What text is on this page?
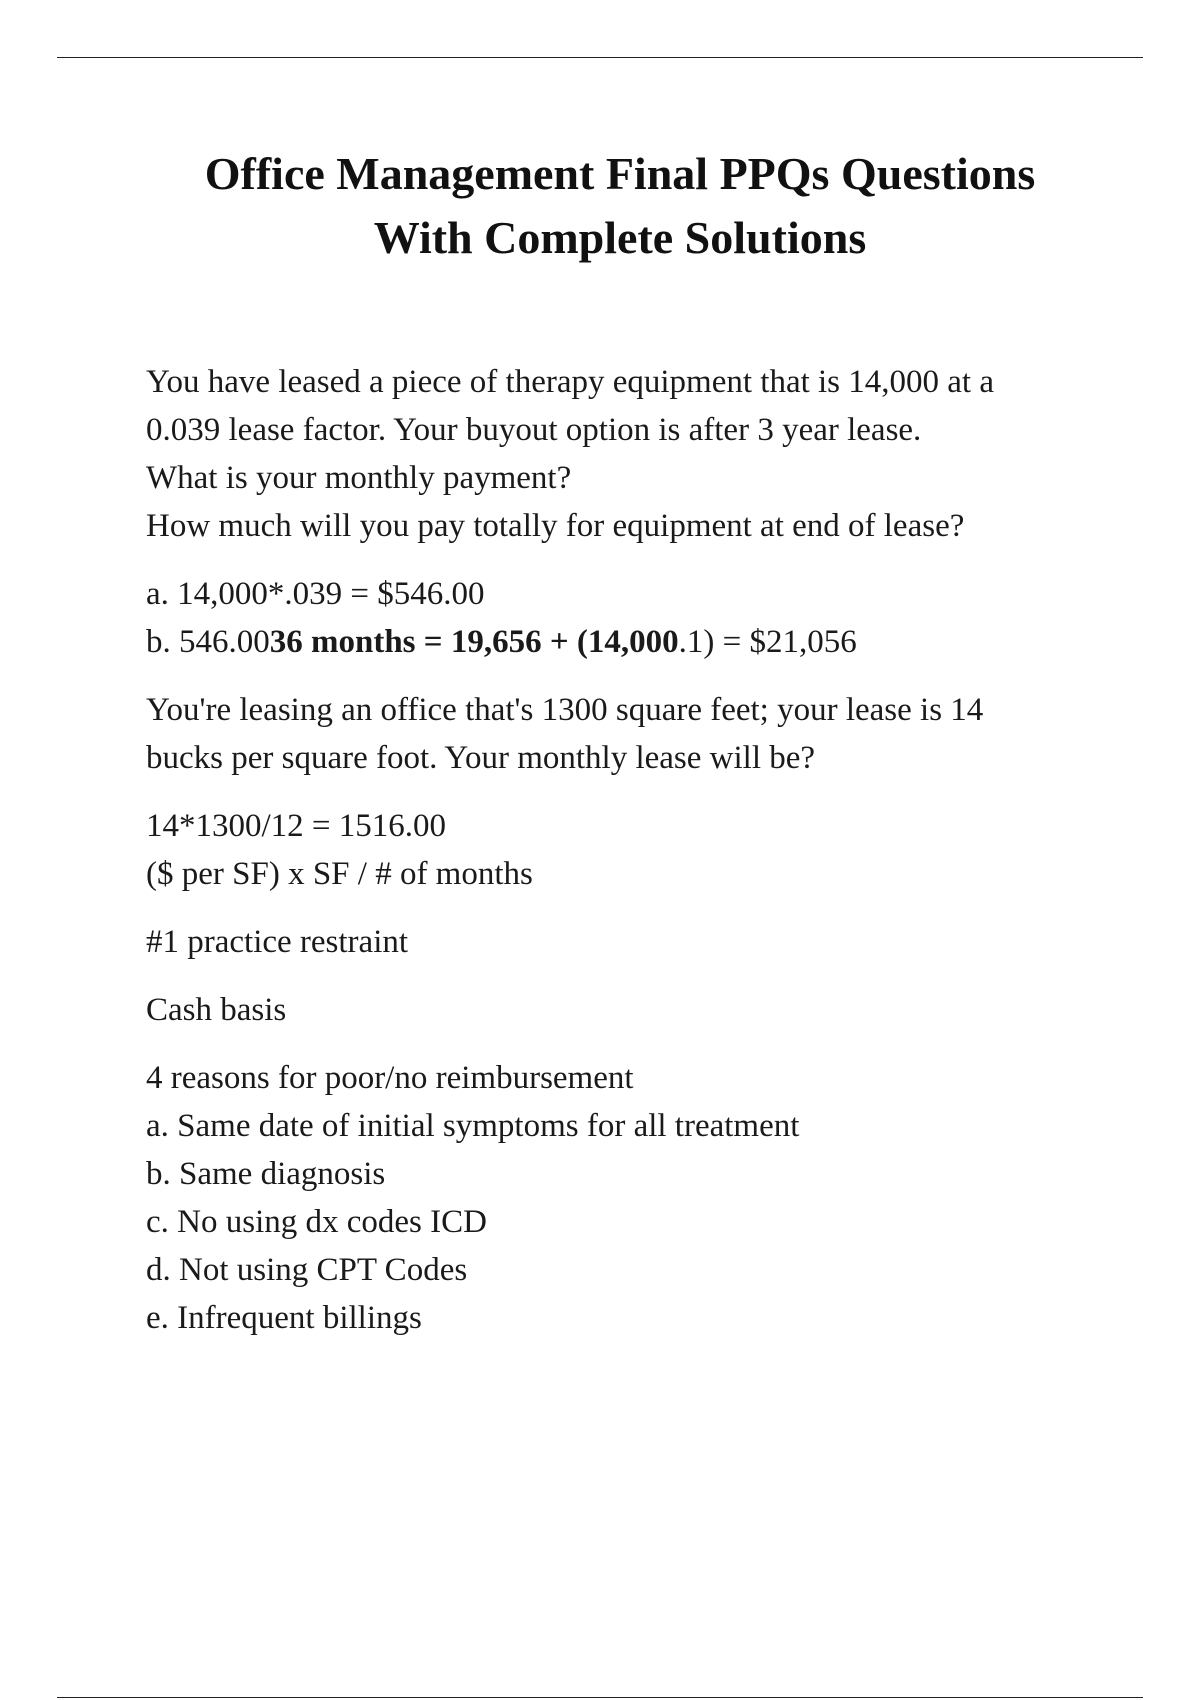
Office Management Final PPQs Questions
With Complete Solutions
You have leased a piece of therapy equipment that is 14,000 at a
0.039 lease factor. Your buyout option is after 3 year lease.
What is your monthly payment?
How much will you pay totally for equipment at end of lease?
a. 14,000*.039 = $546.00
b. 546.0036 months = 19,656 + (14,000.1) = $21,056
You're leasing an office that's 1300 square feet; your lease is 14
bucks per square foot. Your monthly lease will be?
14*1300/12 = 1516.00
($ per SF) x SF / # of months
#1 practice restraint
Cash basis
4 reasons for poor/no reimbursement
a. Same date of initial symptoms for all treatment
b. Same diagnosis
c. No using dx codes ICD
d. Not using CPT Codes
e. Infrequent billings
